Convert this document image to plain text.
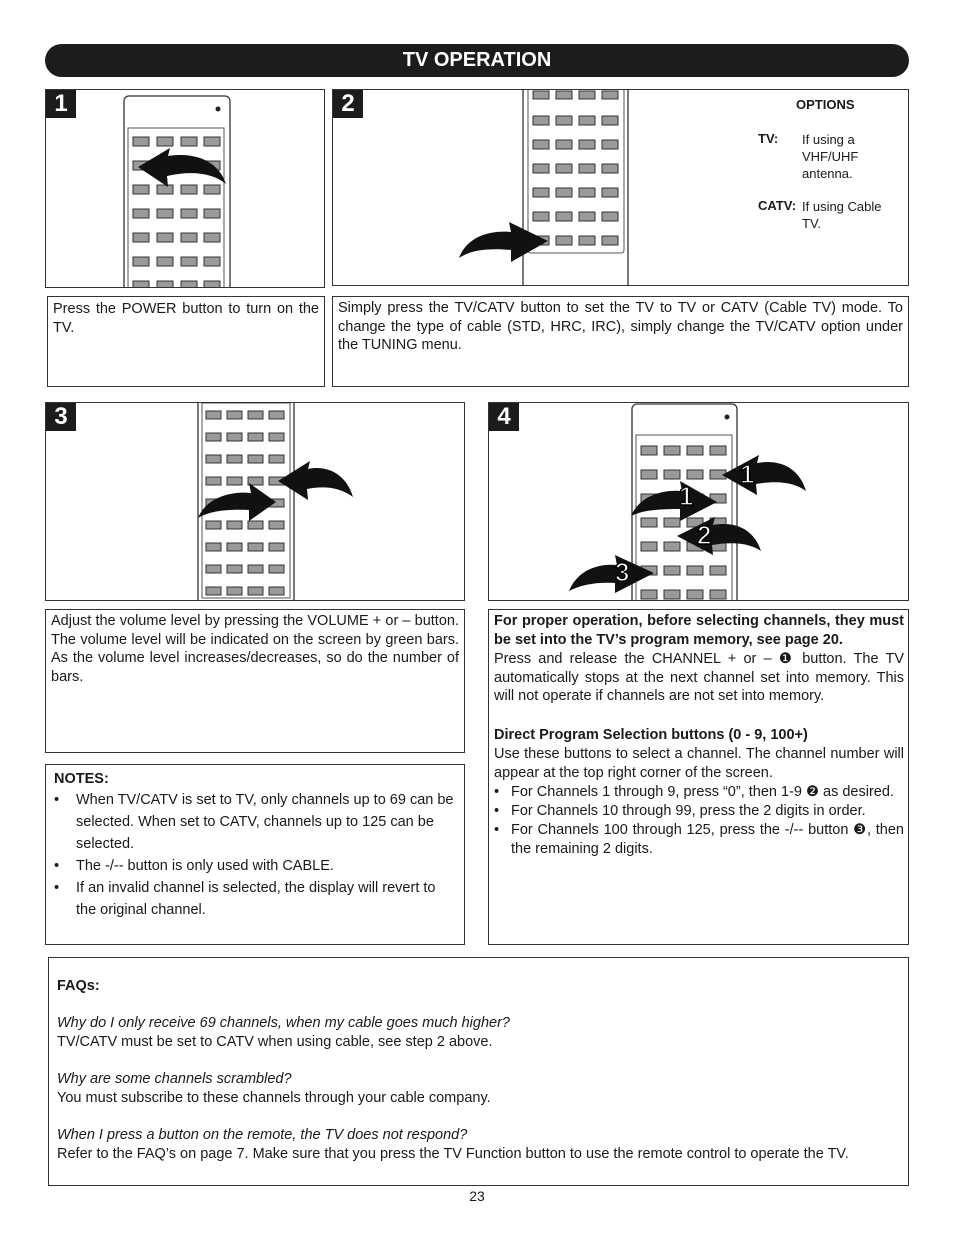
TV OPERATION
1
Press the POWER button to turn on the TV.
2	OPTIONS
TV: If using a VHF/UHF antenna.
CATV: If using Cable TV.
Simply press the TV/CATV button to set the TV to TV or CATV (Cable TV) mode. To change the type of cable (STD, HRC, IRC), simply change the TV/CATV option under the TUNING menu.
3
Adjust the volume level by pressing the VOLUME + or – button. The volume level will be indicated on the screen by green bars. As the volume level increases/decreases, so do the number of bars.
4
1
1
2
3
For proper operation, before selecting channels, they must be set into the TV’s program memory, see page 20.
Press and release the CHANNEL + or – ❶ button. The TV automatically stops at the next channel set into memory. This will not operate if channels are not set into memory.
Direct Program Selection buttons (0 - 9, 100+)
Use these buttons to select a channel. The channel number will appear at the top right corner of the screen.
• For Channels 1 through 9, press “0”, then 1-9 ❷ as desired.
• For Channels 10 through 99, press the 2 digits in order.
• For Channels 100 through 125, press the -/-- button ❸, then the remaining 2 digits.
NOTES:
• When TV/CATV is set to TV, only channels up to 69 can be selected. When set to CATV, channels up to 125 can be selected.
• The -/-- button is only used with CABLE.
• If an invalid channel is selected, the display will revert to the original channel.

FAQs:

Why do I only receive 69 channels, when my cable goes much higher?

TV/CATV must be set to CATV when using cable, see step 2 above.

Why are some channels scrambled?

You must subscribe to these channels through your cable company.

When I press a button on the remote, the TV does not respond?

Refer to the FAQ’s on page 7. Make sure that you press the TV Function button to use the remote control to operate the TV.

23
